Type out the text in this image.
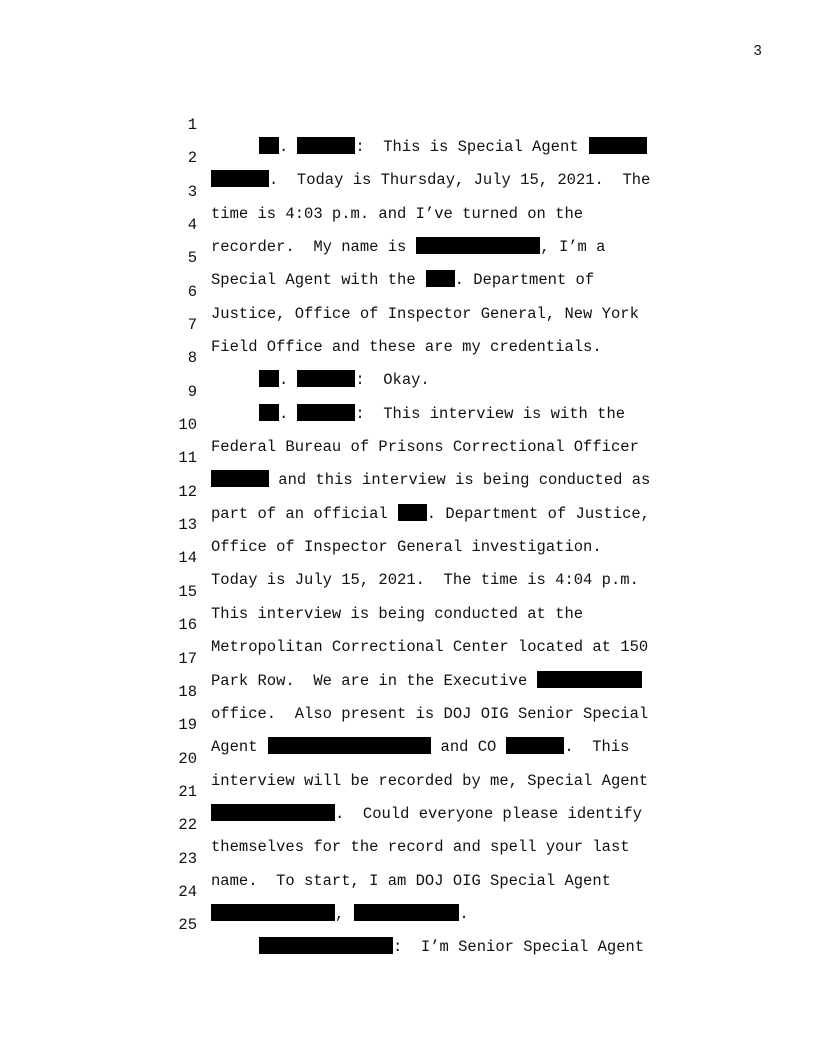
3

1

.	:  This is Special Agent

2

.  Today is Thursday, July 15, 2021.  The

3

time is 4:03 p.m. and I’ve turned on the

4

recorder.  My name is	, I’m a

5

Special Agent with the	. Department of

6

Justice, Office of Inspector General, New York

7

Field Office and these are my credentials.

8

.	:  Okay.

9

.	:  This interview is with the

10

Federal Bureau of Prisons Correctional Officer

11

and this interview is being conducted as

12

part of an official	. Department of Justice,

13

Office of Inspector General investigation.

14

Today is July 15, 2021.  The time is 4:04 p.m.

15

This interview is being conducted at the

16

Metropolitan Correctional Center located at 150

17

Park Row.  We are in the Executive

18

office.  Also present is DOJ OIG Senior Special

19

Agent	and CO	.  This

20

interview will be recorded by me, Special Agent

21

.  Could everyone please identify

22

themselves for the record and spell your last

23

name.  To start, I am DOJ OIG Special Agent

24

,	.

25

:  I’m Senior Special Agent
